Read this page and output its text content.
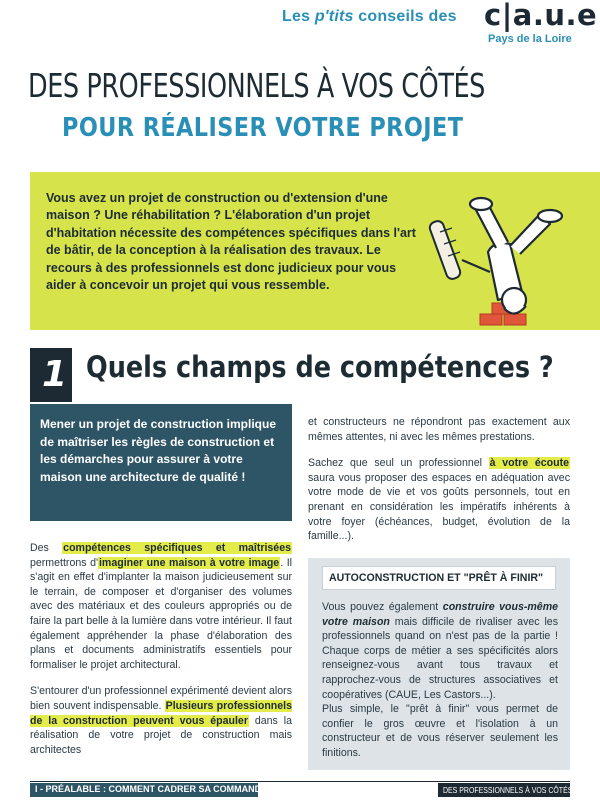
Les p'tits conseils des c|a.u.e
Pays de la Loire
DES PROFESSIONNELS À VOS CÔTÉS
POUR RÉALISER VOTRE PROJET

Vous avez un projet de construction ou d'extension d'une maison ? Une réhabilitation ? L'élaboration d'un projet d'habitation nécessite des compétences spécifiques dans l'art de bâtir, de la conception à la réalisation des travaux. Le recours à des professionnels est donc judicieux pour vous aider à concevoir un projet qui vous ressemble.

1 Quels champs de compétences ?

Mener un projet de construction implique de maîtriser les règles de construction et les démarches pour assurer à votre maison une architecture de qualité !

Des compétences spécifiques et maîtrisées permettrons d'imaginer une maison à votre image. Il s'agit en effet d'implanter la maison judicieusement sur le terrain, de composer et d'organiser des volumes avec des matériaux et des couleurs appropriés ou de faire la part belle à la lumière dans votre intérieur. Il faut également appréhender la phase d'élaboration des plans et documents administratifs essentiels pour formaliser le projet architectural.

S'entourer d'un professionnel expérimenté devient alors bien souvent indispensable. Plusieurs professionnels de la construction peuvent vous épauler dans la réalisation de votre projet de construction mais architectes

et constructeurs ne répondront pas exactement aux mêmes attentes, ni avec les mêmes prestations.

Sachez que seul un professionnel à votre écoute saura vous proposer des espaces en adéquation avec votre mode de vie et vos goûts personnels, tout en prenant en considération les impératifs inhérents à votre foyer (échéances, budget, évolution de la famille...).

AUTOCONSTRUCTION ET "PRÊT À FINIR"

Vous pouvez également construire vous-même votre maison mais difficile de rivaliser avec les professionnels quand on n'est pas de la partie ! Chaque corps de métier a ses spécificités alors renseignez-vous avant tous travaux et rapprochez-vous de structures associatives et coopératives (CAUE, Les Castors...).

Plus simple, le "prêt à finir" vous permet de confier le gros œuvre et l'isolation à un constructeur et de vous réserver seulement les finitions.

I - PRÉALABLE : COMMENT CADRER SA COMMANDE	DES PROFESSIONNELS À VOS CÔTÉS
